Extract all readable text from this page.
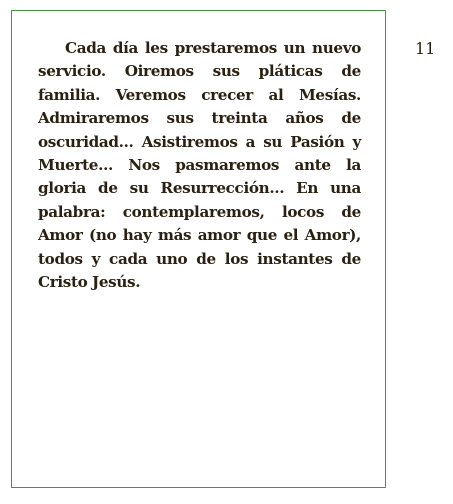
Cada día les prestaremos un nuevo servicio. Oiremos sus pláticas de familia. Veremos crecer al Mesías. Admiraremos sus treinta años de oscuridad… Asistiremos a su Pasión y Muerte… Nos pasmaremos ante la gloria de su Resurrección… En una palabra: contemplaremos, locos de Amor (no hay más amor que el Amor), todos y cada uno de los instantes de Cristo Jesús.

11
